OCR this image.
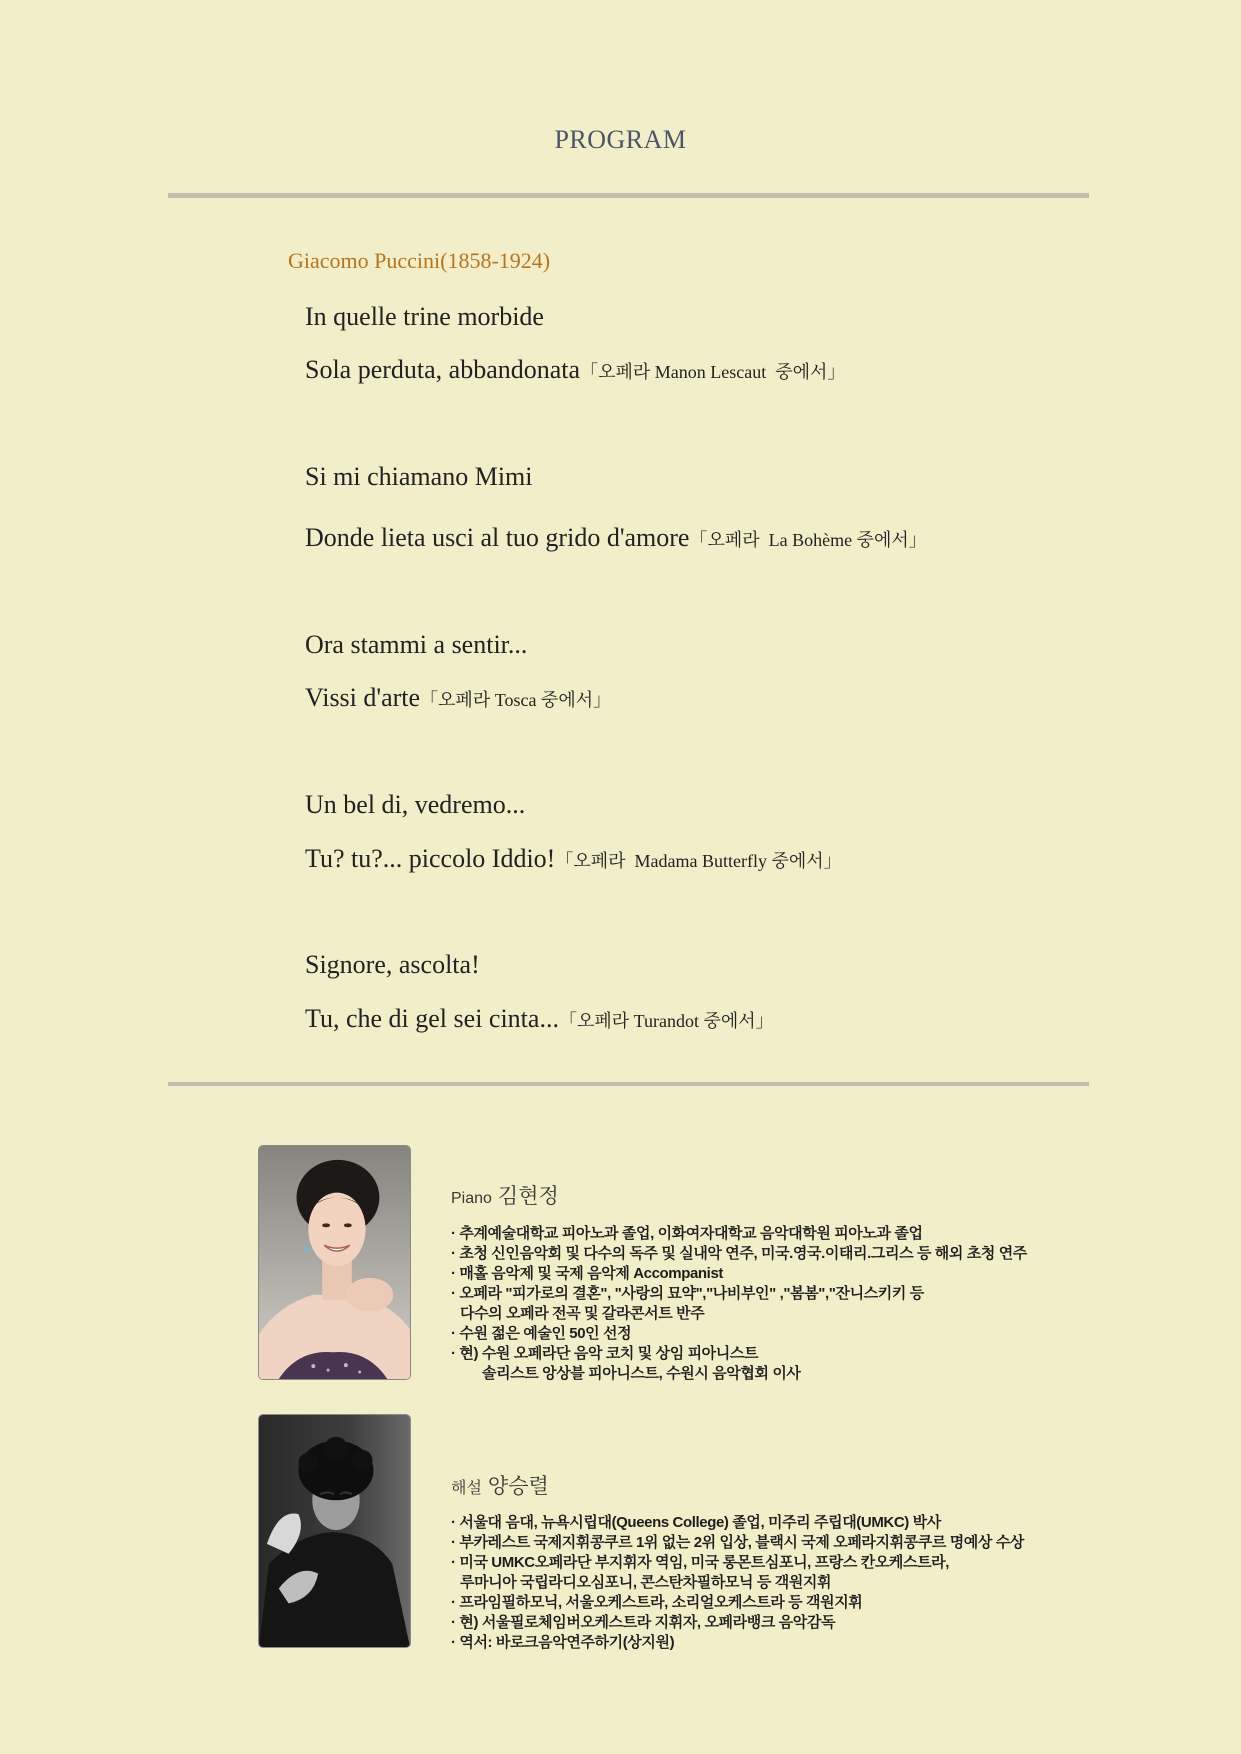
PROGRAM
Giacomo Puccini(1858-1924)
In quelle trine morbide
Sola perduta, abbandonata「오페라 Manon Lescaut  중에서」
Si mi chiamano Mimi
Donde lieta usci al tuo grido d'amore「오페라  La Bohème 중에서」
Ora stammi a sentir...
Vissi d'arte「오페라 Tosca 중에서」
Un bel di, vedremo...
Tu? tu?... piccolo Iddio!「오페라  Madama Butterfly 중에서」
Signore, ascolta!
Tu, che di gel sei cinta...「오페라 Turandot 중에서」
Piano 김현정
· 추계예술대학교 피아노과 졸업, 이화여자대학교 음악대학원 피아노과 졸업
· 초청 신인음악회 및 다수의 독주 및 실내악 연주, 미국.영국.이태리.그리스 등 해외 초청 연주
· 매홀 음악제 및 국제 음악제 Accompanist
· 오페라 "피가로의 결혼", "사랑의 묘약","나비부인" ,"봄봄","잔니스키키 등
다수의 오페라 전곡 및 갈라콘서트 반주
· 수원 젊은 예술인 50인 선정
· 현) 수원 오페라단 음악 코치 및 상임 피아니스트
솔리스트 앙상블 피아니스트, 수원시 음악협회 이사
해설 양승렬
· 서울대 음대, 뉴욕시립대(Queens College) 졸업, 미주리 주립대(UMKC) 박사
· 부카레스트 국제지휘콩쿠르 1위 없는 2위 입상, 블랙시 국제 오페라지휘콩쿠르 명예상 수상
· 미국 UMKC오페라단 부지휘자 역임, 미국 롱몬트심포니, 프랑스 칸오케스트라,
루마니아 국립라디오심포니, 콘스탄차필하모닉 등 객원지휘
· 프라임필하모닉, 서울오케스트라, 소리얼오케스트라 등 객원지휘
· 현) 서울필로체임버오케스트라 지휘자, 오페라뱅크 음악감독
· 역서: 바로크음악연주하기(상지원)
